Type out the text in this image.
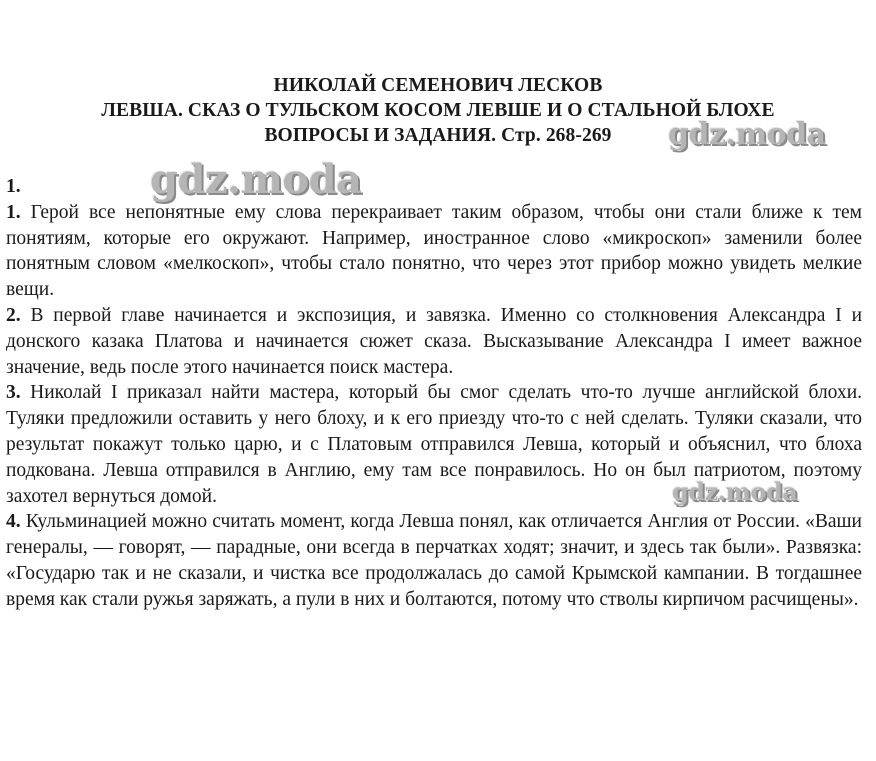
НИКОЛАЙ СЕМЕНОВИЧ ЛЕСКОВ
ЛЕВША. СКАЗ О ТУЛЬСКОМ КОСОМ ЛЕВШЕ И О СТАЛЬНОЙ БЛОХЕ
ВОПРОСЫ И ЗАДАНИЯ. Стр. 268-269

1.

1. Герой все непонятные ему слова перекраивает таким образом, чтобы они стали ближе к тем понятиям, которые его окружают. Например, иностранное слово «микроскоп» заменили более понятным словом «мелкоскоп», чтобы стало понятно, что через этот прибор можно увидеть мелкие вещи.

2. В первой главе начинается и экспозиция, и завязка. Именно со столкновения Александра I и донского казака Платова и начинается сюжет сказа. Высказывание Александра I имеет важное значение, ведь после этого начинается поиск мастера.

3. Николай I приказал найти мастера, который бы смог сделать что-то лучше английской блохи. Туляки предложили оставить у него блоху, и к его приезду что-то с ней сделать. Туляки сказали, что результат покажут только царю, и с Платовым отправился Левша, который и объяснил, что блоха подкована. Левша отправился в Англию, ему там все понравилось. Но он был патриотом, поэтому захотел вернуться домой.

4. Кульминацией можно считать момент, когда Левша понял, как отличается Англия от России. «Ваши генералы, — говорят, — парадные, они всегда в перчатках ходят; значит, и здесь так были». Развязка: «Государю так и не сказали, и чистка все продолжалась до самой Крымской кампании. В тогдашнее время как стали ружья заряжать, а пули в них и болтаются, потому что стволы кирпичом расчищены».

gdz.moda
gdz.moda
gdz.moda
